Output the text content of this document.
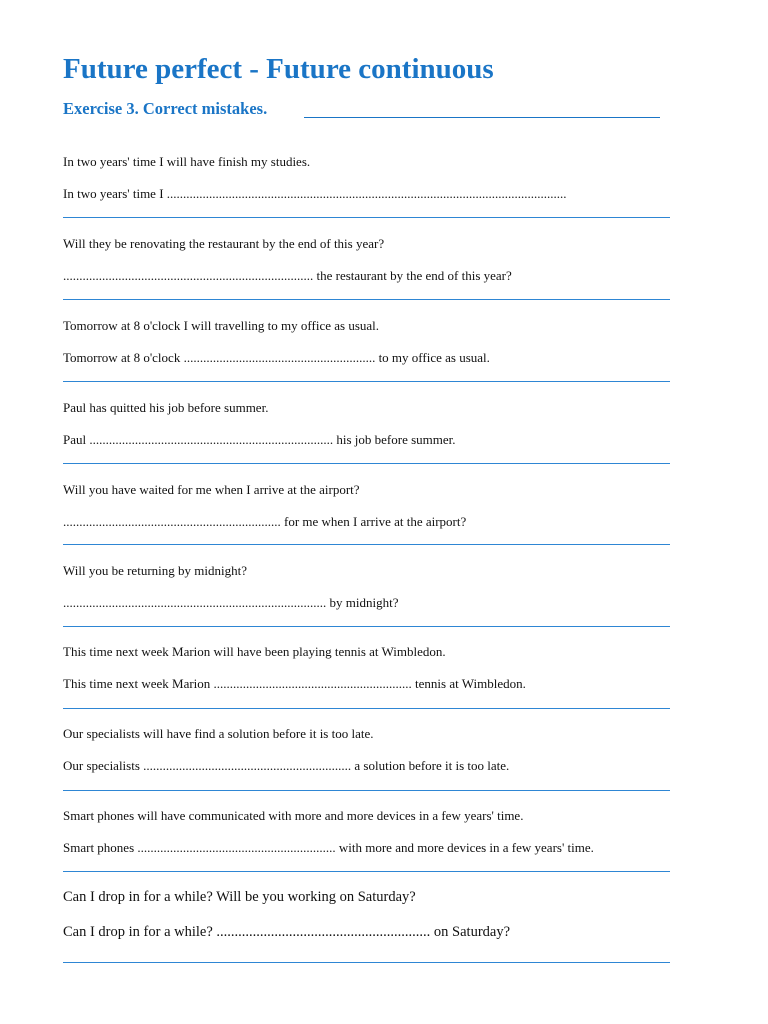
Future perfect - Future continuous
Exercise 3. Correct mistakes.

In two years' time I will have finish my studies.

In two years' time I ...........................................................................................................................

Will they be renovating the restaurant by the end of this year?

............................................................................. the restaurant by the end of this year?

Tomorrow at 8 o'clock I will travelling to my office as usual.

Tomorrow at 8 o'clock ........................................................... to my office as usual.

Paul has quitted his job before summer.

Paul ........................................................................... his job before summer.

Will you have waited for me when I arrive at the airport?

................................................................... for me when I arrive at the airport?

Will you be returning by midnight?

................................................................................. by midnight?

This time next week Marion will have been playing tennis at Wimbledon.

This time next week Marion ............................................................. tennis at Wimbledon.

Our specialists will have find a solution before it is too late.

Our specialists ................................................................ a solution before it is too late.

Smart phones will have communicated with more and more devices in a few years' time.

Smart phones ............................................................. with more and more devices in a few years' time.

Can I drop in for a while? Will be you working on Saturday?

Can I drop in for a while? ........................................................... on Saturday?
